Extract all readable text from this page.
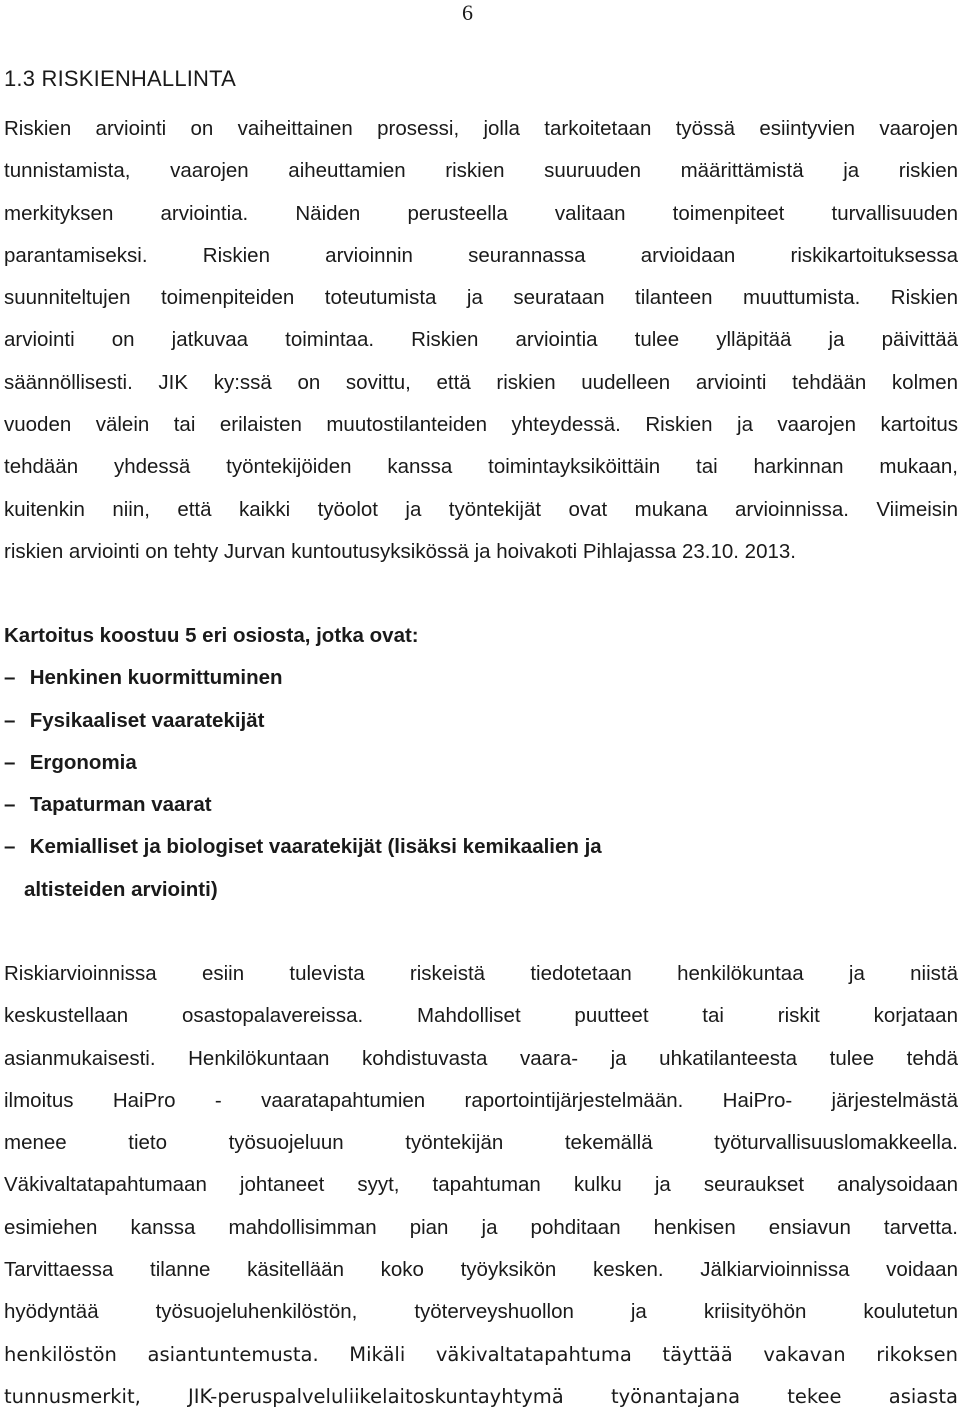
6
1.3 RISKIENHALLINTA
Riskien arviointi on vaiheittainen prosessi, jolla tarkoitetaan työssä esiintyvien vaarojen
tunnistamista, vaarojen aiheuttamien riskien suuruuden määrittämistä ja riskien
merkityksen arviointia. Näiden perusteella valitaan toimenpiteet turvallisuuden
parantamiseksi. Riskien arvioinnin seurannassa arvioidaan riskikartoituksessa
suunniteltujen toimenpiteiden toteutumista ja seurataan tilanteen muuttumista. Riskien
arviointi on jatkuvaa toimintaa. Riskien arviointia tulee ylläpitää ja päivittää
säännöllisesti. JIK ky:ssä on sovittu, että riskien uudelleen arviointi tehdään kolmen
vuoden välein tai erilaisten muutostilanteiden yhteydessä. Riskien ja vaarojen kartoitus
tehdään yhdessä työntekijöiden kanssa toimintayksiköittäin tai harkinnan mukaan,
kuitenkin niin, että kaikki työolot ja työntekijät ovat mukana arvioinnissa. Viimeisin
riskien arviointi on tehty Jurvan kuntoutusyksikössä ja hoivakoti Pihlajassa 23.10. 2013.
Kartoitus koostuu 5 eri osiosta, jotka ovat:
– Henkinen kuormittuminen
– Fysikaaliset vaaratekijät
– Ergonomia
– Tapaturman vaarat
– Kemialliset ja biologiset vaaratekijät (lisäksi kemikaalien ja
altisteiden arviointi)
Riskiarvioinnissa esiin tulevista riskeistä tiedotetaan henkilökuntaa ja niistä
keskustellaan osastopalavereissa. Mahdolliset puutteet tai riskit korjataan
asianmukaisesti. Henkilökuntaan kohdistuvasta vaara- ja uhkatilanteesta tulee tehdä
ilmoitus HaiPro - vaaratapahtumien raportointijärjestelmään. HaiPro- järjestelmästä
menee tieto työsuojeluun työntekijän tekemällä työturvallisuuslomakkeella.
Väkivaltatapahtumaan johtaneet syyt, tapahtuman kulku ja seuraukset analysoidaan
esimiehen kanssa mahdollisimman pian ja pohditaan henkisen ensiavun tarvetta.
Tarvittaessa tilanne käsitellään koko työyksikön kesken. Jälkiarvioinnissa voidaan
hyödyntää työsuojeluhenkilöstön, työterveyshuollon ja kriisityöhön koulutetun
henkilöstön asiantuntemusta. Mikäli väkivaltatapahtuma täyttää vakavan rikoksen
tunnusmerkit, JIK-peruspalveluliikelaitoskuntayhtymä työnantajana tekee asiasta
